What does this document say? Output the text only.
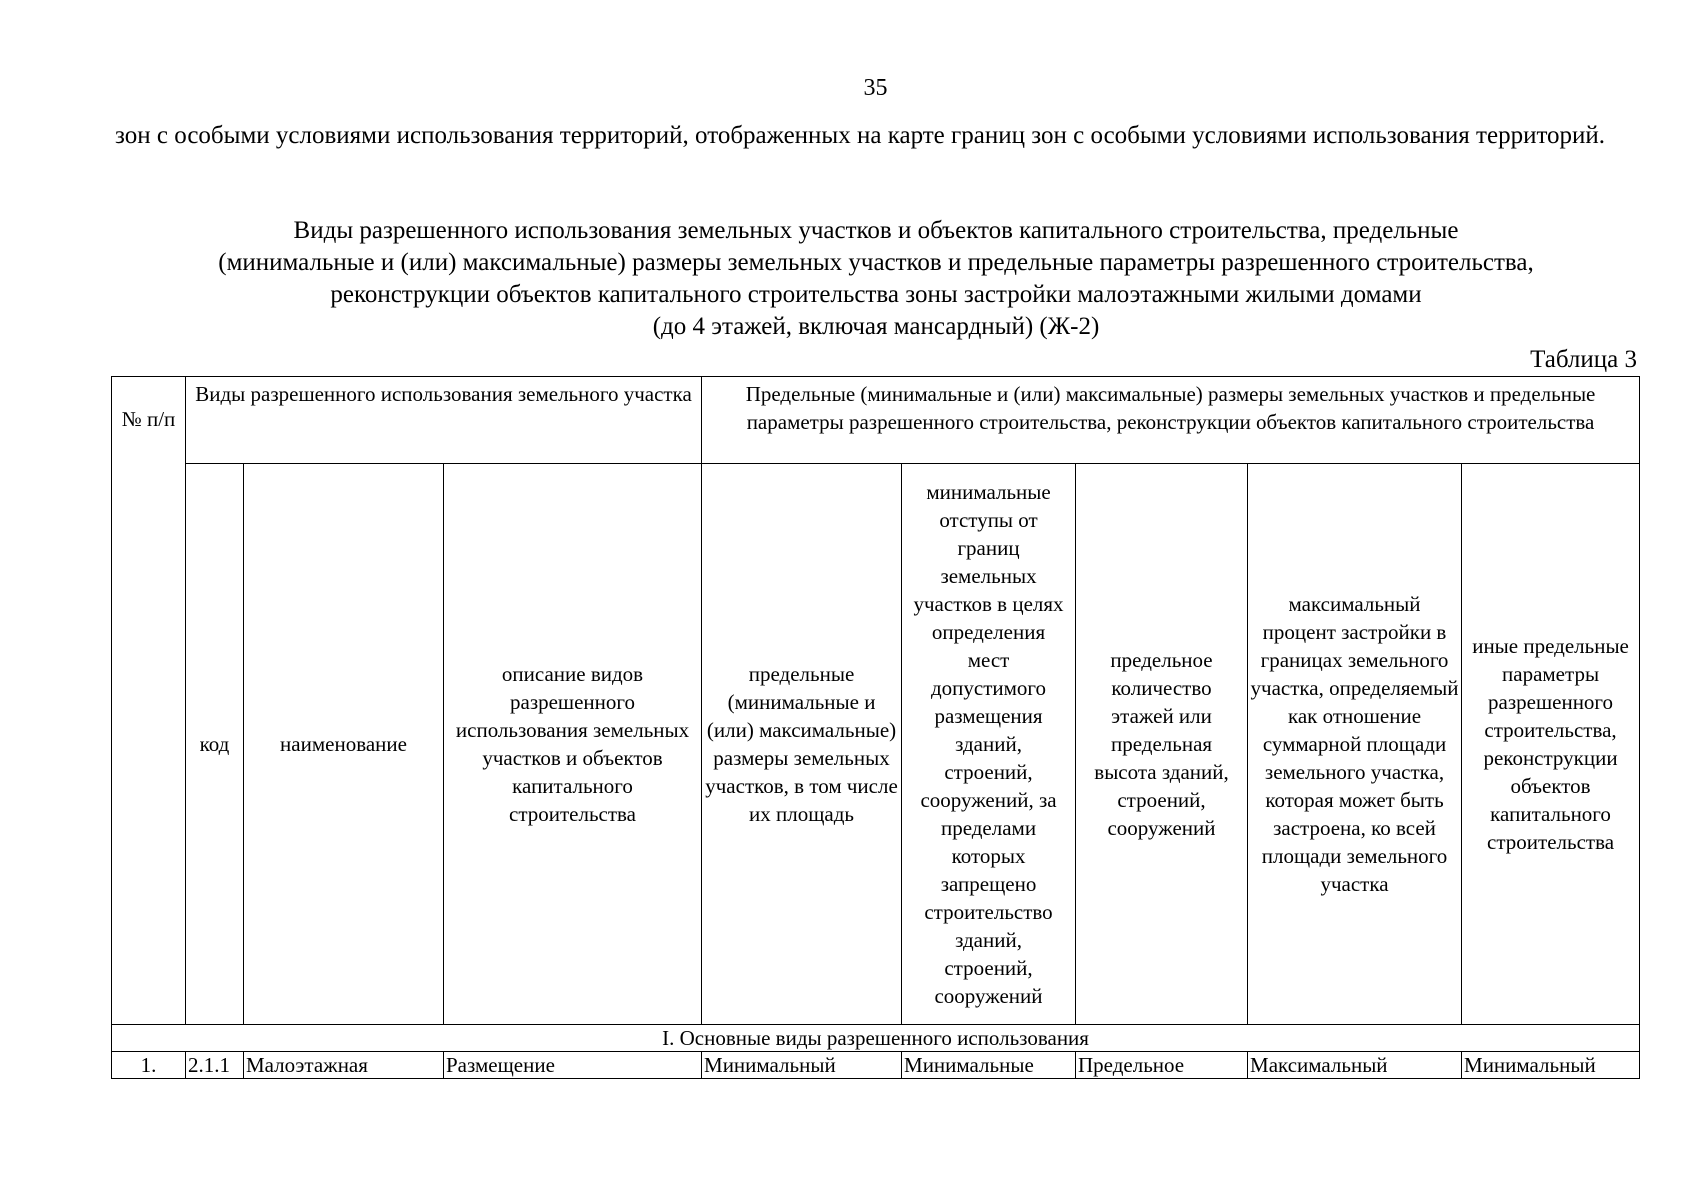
35
зон с особыми условиями использования территорий, отображенных на карте границ зон с особыми условиями использования территорий.
Виды разрешенного использования земельных участков и объектов капитального строительства, предельные
(минимальные и (или) максимальные) размеры земельных участков и предельные параметры разрешенного строительства,
реконструкции объектов капитального строительства зоны застройки малоэтажными жилыми домами
(до 4 этажей, включая мансардный) (Ж-2)
Таблица 3
№ п/п	Виды разрешенного использования земельного участка			Предельные (минимальные и (или) максимальные) размеры земельных участков и предельные параметры разрешенного строительства, реконструкции объектов капитального строительства				
	код	наименование	описание видов разрешенного использования земельных участков и объектов капитального строительства	предельные (минимальные и (или) максимальные) размеры земельных участков, в том числе их площадь	минимальные отступы от границ земельных участков в целях определения мест допустимого размещения зданий, строений, сооружений, за пределами которых запрещено строительство зданий, строений, сооружений	предельное количество этажей или предельная высота зданий, строений, сооружений	максимальный процент застройки в границах земельного участка, определяемый как отношение суммарной площади земельного участка, которая может быть застроена, ко всей площади земельного участка	иные предельные параметры разрешенного строительства, реконструкции объектов капитального строительства
I. Основные виды разрешенного использования								
1.	2.1.1	Малоэтажная	Размещение	Минимальный	Минимальные	Предельное	Максимальный	Минимальный
